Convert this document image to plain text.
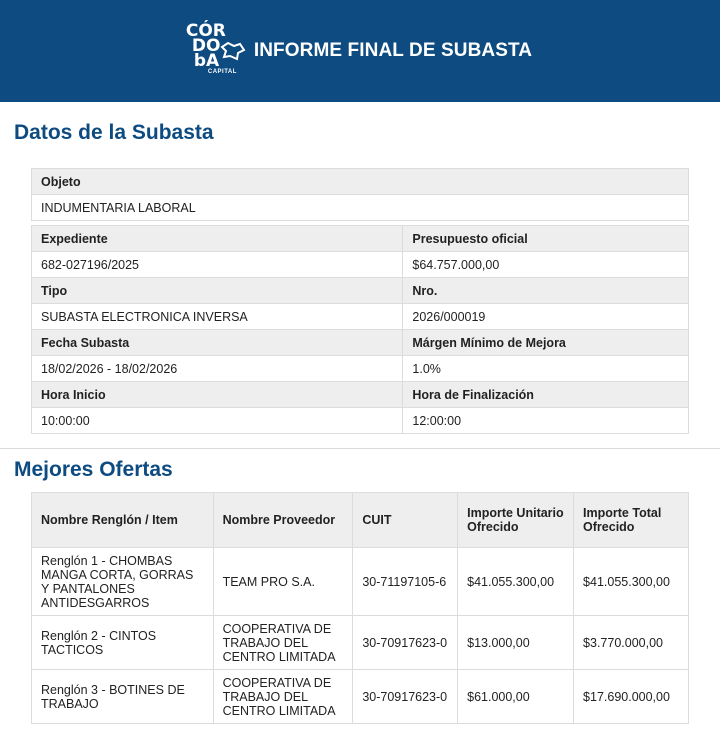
CÓR
DO
bA
CAPITAL
INFORME FINAL DE SUBASTA
Datos de la Subasta
Objeto
INDUMENTARIA LABORAL
Expediente	Presupuesto oficial
682-027196/2025	$64.757.000,00
Tipo	Nro.
SUBASTA ELECTRONICA INVERSA	2026/000019
Fecha Subasta	Márgen Mínimo de Mejora
18/02/2026 - 18/02/2026	1.0%
Hora Inicio	Hora de Finalización
10:00:00	12:00:00
Mejores Ofertas
Nombre Renglón / Item	Nombre Proveedor	CUIT	Importe Unitario Ofrecido	Importe Total Ofrecido
Renglón 1 - CHOMBAS MANGA CORTA, GORRAS Y PANTALONES ANTIDESGARROS	TEAM PRO S.A.	30-71197105-6	$41.055.300,00	$41.055.300,00
Renglón 2 - CINTOS TACTICOS	COOPERATIVA DE TRABAJO DEL CENTRO LIMITADA	30-70917623-0	$13.000,00	$3.770.000,00
Renglón 3 - BOTINES DE TRABAJO	COOPERATIVA DE TRABAJO DEL CENTRO LIMITADA	30-70917623-0	$61.000,00	$17.690.000,00
